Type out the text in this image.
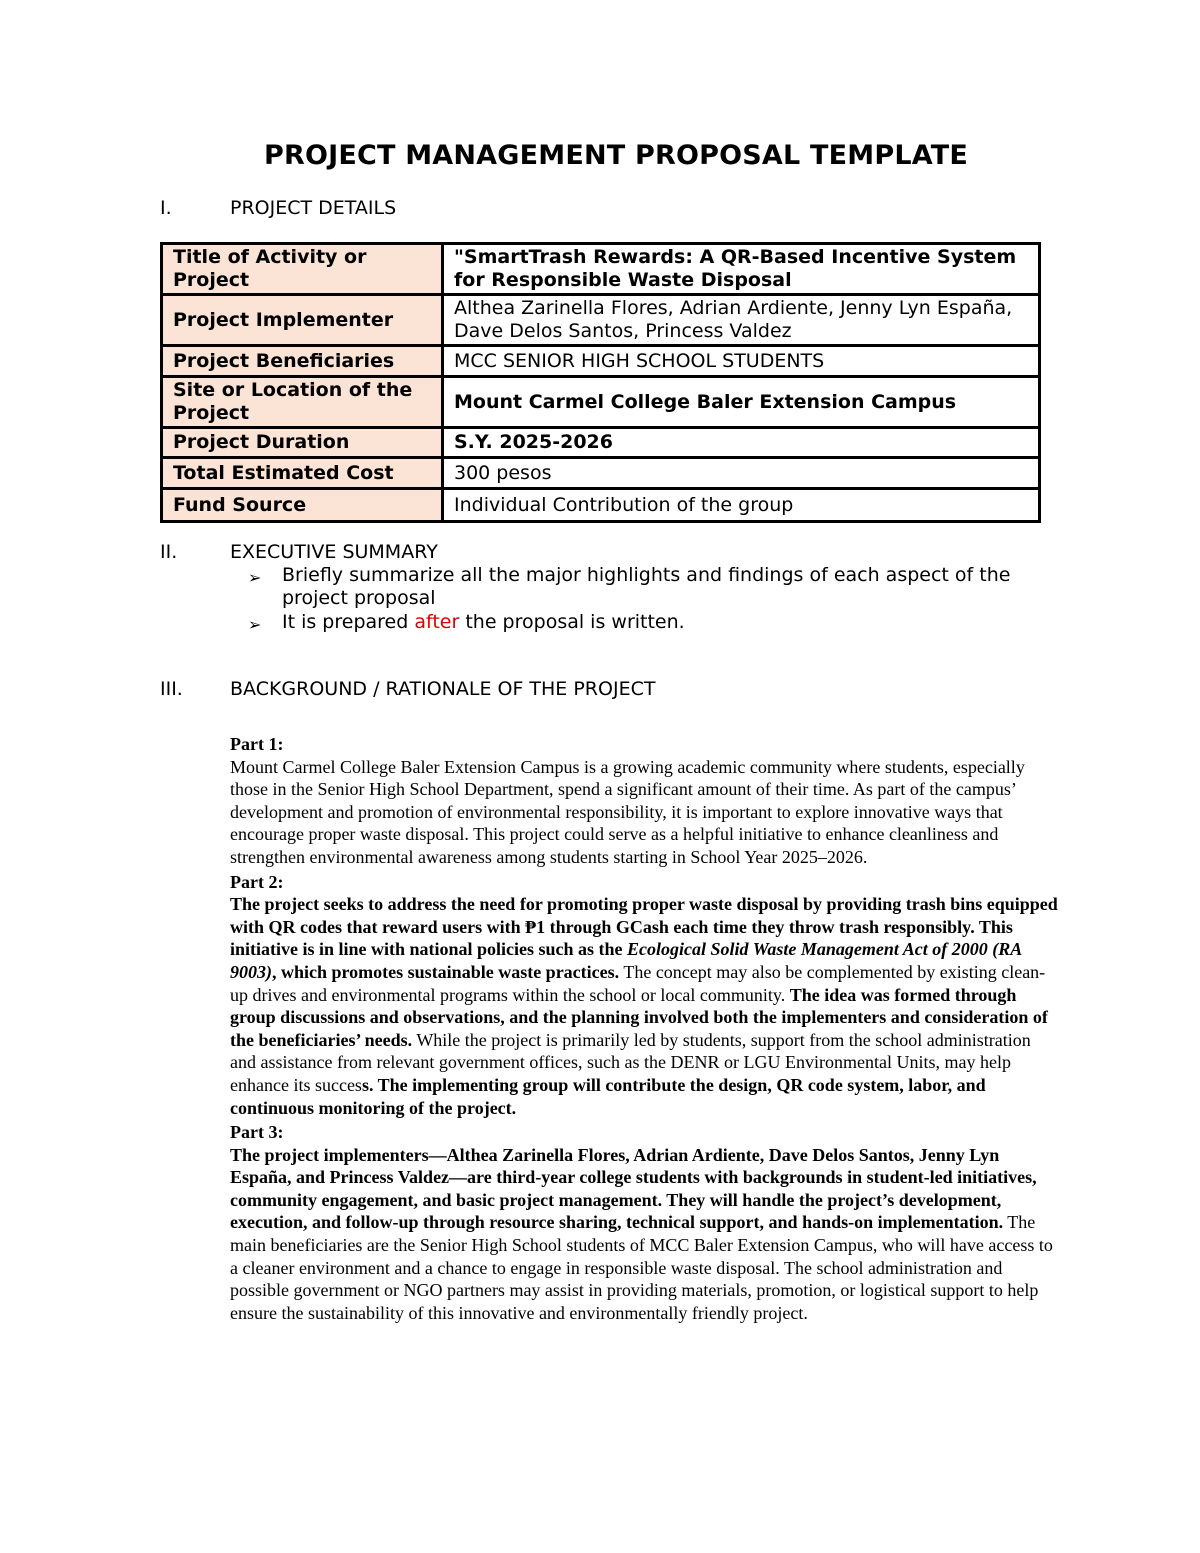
PROJECT MANAGEMENT PROPOSAL TEMPLATE
I.	PROJECT DETAILS
Title of Activity or Project	"SmartTrash Rewards: A QR-Based Incentive System for Responsible Waste Disposal
Project Implementer	Althea Zarinella Flores, Adrian Ardiente, Jenny Lyn España, Dave Delos Santos, Princess Valdez
Project Beneficiaries	MCC SENIOR HIGH SCHOOL STUDENTS
Site or Location of the Project	Mount Carmel College Baler Extension Campus
Project Duration	S.Y. 2025-2026
Total Estimated Cost	300 pesos
Fund Source	Individual Contribution of the group
II.	EXECUTIVE SUMMARY
➢	Briefly summarize all the major highlights and findings of each aspect of the project proposal
➢	It is prepared after the proposal is written.
III.	BACKGROUND / RATIONALE OF THE PROJECT

Part 1:

Mount Carmel College Baler Extension Campus is a growing academic community where students, especially those in the Senior High School Department, spend a significant amount of their time. As part of the campus’ development and promotion of environmental responsibility, it is important to explore innovative ways that encourage proper waste disposal. This project could serve as a helpful initiative to enhance cleanliness and strengthen environmental awareness among students starting in School Year 2025–2026.

Part 2:

The project seeks to address the need for promoting proper waste disposal by providing trash bins equipped with QR codes that reward users with ₱1 through GCash each time they throw trash responsibly. This initiative is in line with national policies such as the Ecological Solid Waste Management Act of 2000 (RA 9003), which promotes sustainable waste practices. The concept may also be complemented by existing clean-up drives and environmental programs within the school or local community. The idea was formed through group discussions and observations, and the planning involved both the implementers and consideration of the beneficiaries’ needs. While the project is primarily led by students, support from the school administration and assistance from relevant government offices, such as the DENR or LGU Environmental Units, may help enhance its success. The implementing group will contribute the design, QR code system, labor, and continuous monitoring of the project.

Part 3:

The project implementers—Althea Zarinella Flores, Adrian Ardiente, Dave Delos Santos, Jenny Lyn España, and Princess Valdez—are third-year college students with backgrounds in student-led initiatives, community engagement, and basic project management. They will handle the project’s development, execution, and follow-up through resource sharing, technical support, and hands-on implementation. The main beneficiaries are the Senior High School students of MCC Baler Extension Campus, who will have access to a cleaner environment and a chance to engage in responsible waste disposal. The school administration and possible government or NGO partners may assist in providing materials, promotion, or logistical support to help ensure the sustainability of this innovative and environmentally friendly project.
